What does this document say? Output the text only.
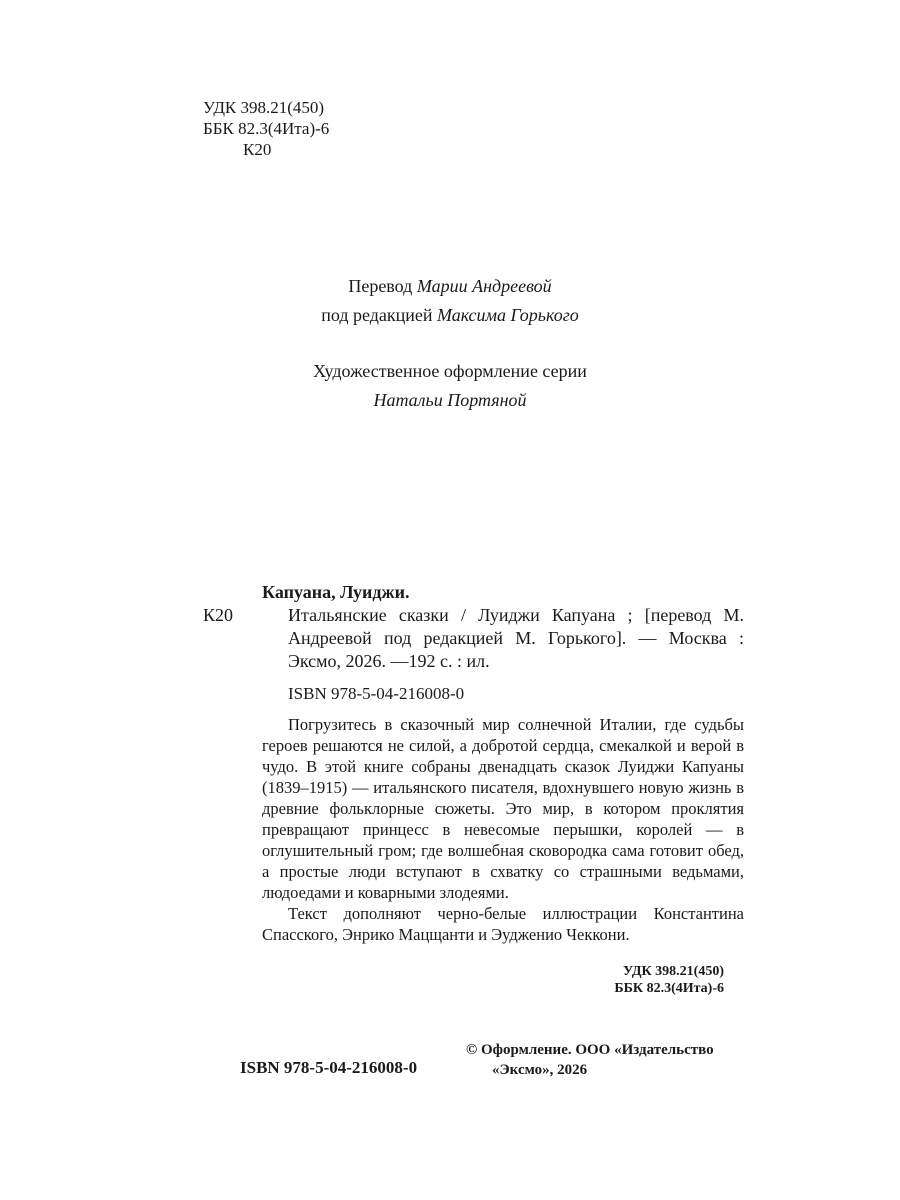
УДК 398.21(450)
ББК 82.3(4Ита)-6
К20
Перевод Марии Андреевой
под редакцией Максима Горького
Художественное оформление серии
Натальи Портяной
Капуана, Луиджи.
К20	Итальянские сказки / Луиджи Капуана ; [перевод М. Андреевой под редакцией М. Горького]. — Москва : Эксмо, 2026. —192 с. : ил.

ISBN 978-5-04-216008-0

Погрузитесь в сказочный мир солнечной Италии, где судьбы героев решаются не силой, а добротой сердца, смекалкой и верой в чудо. В этой книге собраны двенадцать сказок Луиджи Капуаны (1839–1915) — итальянского писателя, вдохнувшего новую жизнь в древние фольклорные сюжеты. Это мир, в котором проклятия превращают принцесс в невесомые перышки, королей — в оглушительный гром; где волшебная сковородка сама готовит обед, а простые люди вступают в схватку со страшными ведьмами, людоедами и коварными злодеями.

Текст дополняют черно-белые иллюстрации Константина Спасского, Энрико Мацщанти и Эудженио Чеккони.

УДК 398.21(450)
ББК 82.3(4Ита)-6
ISBN 978-5-04-216008-0
© Оформление. ООО «Издательство
«Эксмо», 2026
